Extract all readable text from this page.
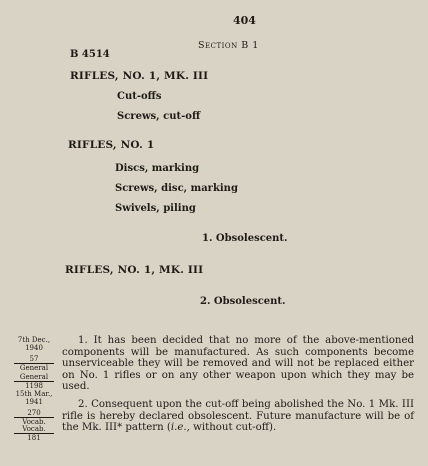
404
Section B 1
B 4514
RIFLES, NO. 1, MK. III
Cut-offs
Screws, cut-off
RIFLES, NO. 1
Discs, marking
Screws, disc, marking
Swivels, piling
1. Obsolescent.
RIFLES, NO. 1, MK. III
2. Obsolescent.
7th Dec.,
1940
57
General
General
1198
15th Mar.,
1941
270
Vocab.
Vocab.
181
1. It has been decided that no more of the above-mentioned components will be manufactured. As such components become unserviceable they will be removed and will not be replaced either on No. 1 rifles or on any other weapon upon which they may be used.
2. Consequent upon the cut-off being abolished the No. 1 Mk. III rifle is hereby declared obsolescent. Future manufacture will be of the Mk. III* pattern (i.e., without cut-off).
